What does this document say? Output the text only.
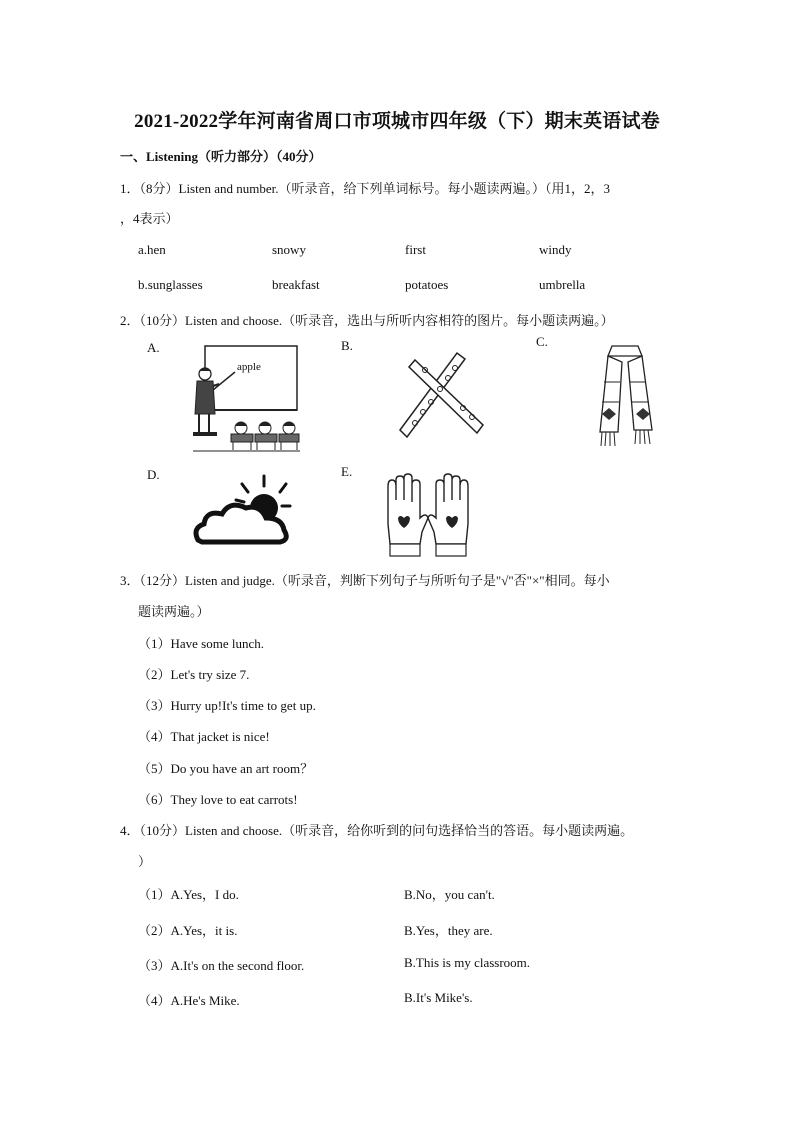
2021-2022学年河南省周口市项城市四年级（下）期末英语试卷
一、Listening（听力部分）（40分）
1．（8分）Listen and number.（听录音，给下列单词标号。每小题读两遍。）（用1，2，3
，4表示）
a.hen	snowy	first	windy
b.sunglasses	breakfast	potatoes	umbrella
2．（10分）Listen and choose.（听录音，选出与所听内容相符的图片。每小题读两遍。）
A.	B.	C.
D.	E.
apple
3．（12分）Listen and judge.（听录音，判断下列句子与所听句子是"√"否"×"相同。每小
题读两遍。）
（1）Have some lunch.
（2）Let's try size 7.
（3）Hurry up!It's time to get up.
（4）That jacket is nice!
（5）Do you have an art room？
（6）They love to eat carrots!
4．（10分）Listen and choose.（听录音，给你听到的问句选择恰当的答语。每小题读两遍。
）
（1）A.Yes，I do.	B.No，you can't.
（2）A.Yes，it is.	B.Yes，they are.
（3）A.It's on the second floor.	B.This is my classroom.
（4）A.He's Mike.	B.It's Mike's.
